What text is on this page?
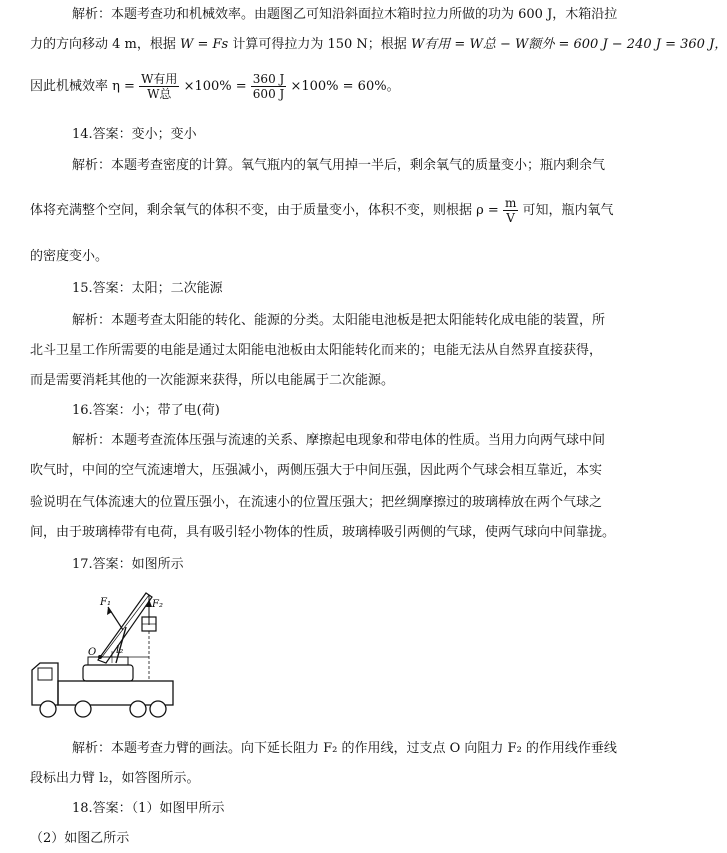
解析：本题考查功和机械效率。由题图乙可知沿斜面拉木箱时拉力所做的功为 600 J，木箱沿拉
力的方向移动 4 m，根据 W = Fs 计算可得拉力为 150 N；根据 W有用 = W总 − W额外 = 600 J − 240 J = 360 J，
因此机械效率 $\eta = \frac{\text{W有用}}{\text{W总}} \times 100\% = \frac{360 J}{600 J} \times 100\% = 60\%$。
14.答案：变小；变小
解析：本题考查密度的计算。氧气瓶内的氧气用掉一半后，剩余氧气的质量变小；瓶内剩余气
体将充满整个空间，剩余氧气的体积不变，由于质量变小，体积不变，则根据 $\rho = \frac{m}{V}$ 可知，瓶内氧气
的密度变小。
15.答案：太阳；二次能源
解析：本题考查太阳能的转化、能源的分类。太阳能电池板是把太阳能转化成电能的装置，所
北斗卫星工作所需要的电能是通过太阳能电池板由太阳能转化而来的；电能无法从自然界直接获得，
而是需要消耗其他的一次能源来获得，所以电能属于二次能源。
16.答案：小；带了电(荷)
解析：本题考查流体压强与流速的关系、摩擦起电现象和带电体的性质。当用力向两气球中间
吹气时，中间的空气流速增大，压强减小，两侧压强大于中间压强，因此两个气球会相互靠近，本实
验说明在气体流速大的位置压强小，在流速小的位置压强大；把丝绸摩擦过的玻璃棒放在两个气球之
间，由于玻璃棒带有电荷，具有吸引轻小物体的性质，玻璃棒吸引两侧的气球，使两气球向中间靠拢。
17.答案：如图所示
F₁	F₂
O l₂
解析：本题考查力臂的画法。向下延长阻力 F₂ 的作用线，过支点 O 向阻力 F₂ 的作用线作垂线
段标出力臂 l₂，如答图所示。
18.答案：（1）如图甲所示
（2）如图乙所示
